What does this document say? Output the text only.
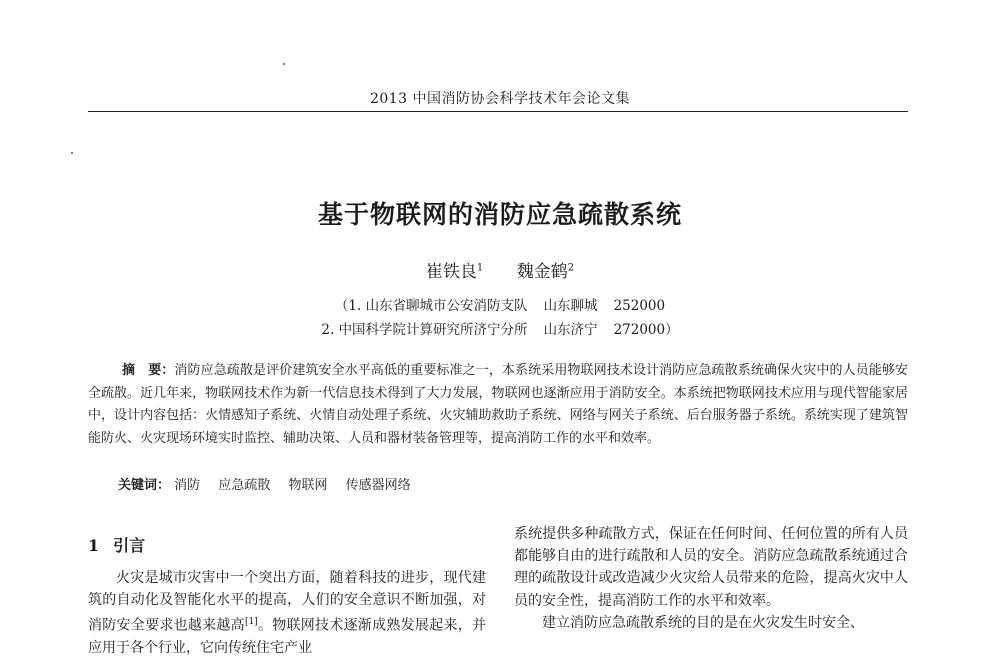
2013 中国消防协会科学技术年会论文集
基于物联网的消防应急疏散系统
崔铁良$^1$ 魏金鹤$^2$
（1. 山东省聊城市公安消防支队 山东聊城 252000
2. 中国科学院计算研究所济宁分所 山东济宁 272000）
摘　要：消防应急疏散是评价建筑安全水平高低的重要标准之一，本系统采用物联网技术设计消防应急疏散系统确保火灾中的人员能够安全疏散。近几年来，物联网技术作为新一代信息技术得到了大力发展，物联网也逐渐应用于消防安全。本系统把物联网技术应用与现代智能家居中，设计内容包括：火情感知子系统、火情自动处理子系统、火灾辅助救助子系统、网络与网关子系统、后台服务器子系统。系统实现了建筑智能防火、火灾现场环境实时监控、辅助决策、人员和器材装备管理等，提高消防工作的水平和效率。
关键词： 消防 应急疏散 物联网 传感器网络
1 引言

火灾是城市灾害中一个突出方面，随着科技的进步，现代建筑的自动化及智能化水平的提高，人们的安全意识不断加强，对消防安全要求也越来越高[1]。物联网技术逐渐成熟发展起来，并应用于各个行业，它向传统住宅产业

系统提供多种疏散方式，保证在任何时间、任何位置的所有人员都能够自由的进行疏散和人员的安全。消防应急疏散系统通过合理的疏散设计或改造减少火灾给人员带来的危险，提高火灾中人员的安全性，提高消防工作的水平和效率。

建立消防应急疏散系统的目的是在火灾发生时安全、
